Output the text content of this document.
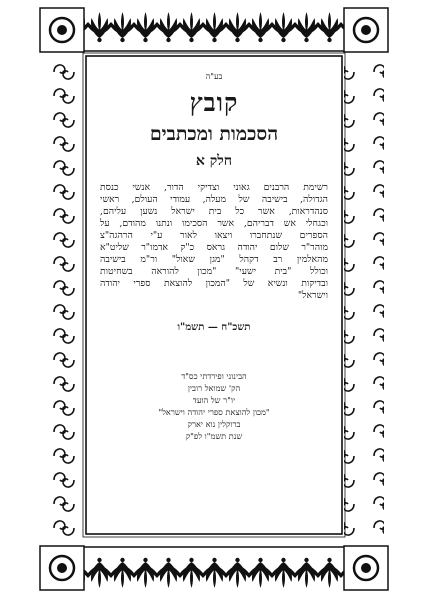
בע"ה
קובץ
הסכמות ומכתבים
חלק א
רשימת הרבנים גאוני וצדיקי הדור, אנשי כנסת
הגדולה, בישיבה של מעלה, עמודי העולם, ראשי
סנהדראות, אשר כל בית ישראל נשען עליהם,
וכגחלי אש דבריהם, אשר הסכימו ונתנו מהודם, על
הספרים שנתחברו ויצאו לאור ע"י הרהגה"צ
מוהר"ר שלום יהודה גראס כ"ק אדמו"ר שליט"א
מהאלמין רב דקהל "מגן שאול" ור"מ בישיבה
וכולל "בית ישעי" "מכון להוראה בשחיטות
ובדיקות ונשיא של "המכון להוצאת ספרי יהודה
וישראל"
תשכ"ח — תשמ"ו
הבינוני ופירדתי כס"ד
הק' שמואל רובין
יו"ר של הועד
"מכון להוצאת ספרי יהודה וישראל"
ברוקלין נוא יארק
שנת תשמ"ו לפ"ק
